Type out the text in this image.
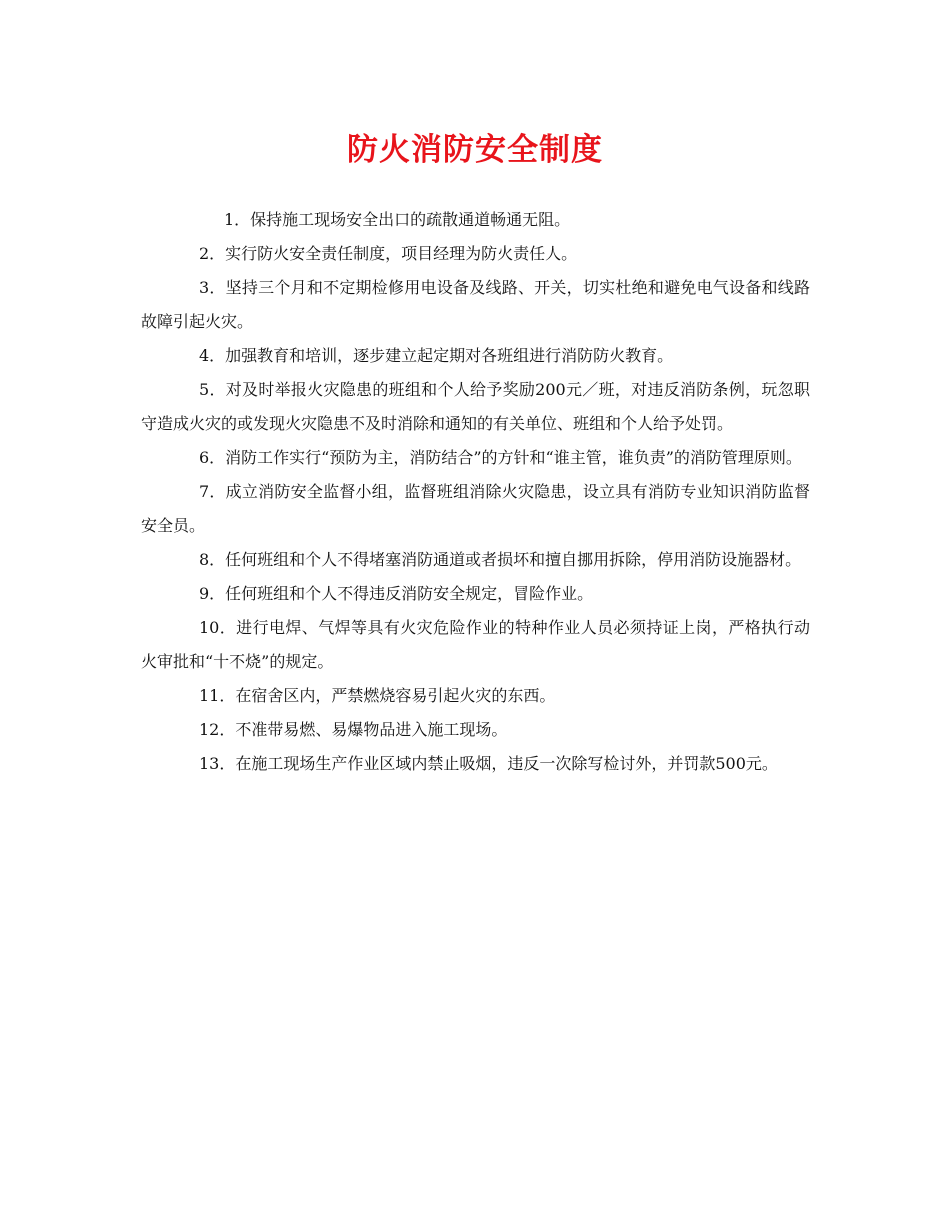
防火消防安全制度

1．保持施工现场安全出口的疏散通道畅通无阻。

2．实行防火安全责任制度，项目经理为防火责任人。

3．坚持三个月和不定期检修用电设备及线路、开关，切实杜绝和避免电气设备和线路故障引起火灾。

4．加强教育和培训，逐步建立起定期对各班组进行消防防火教育。

5．对及时举报火灾隐患的班组和个人给予奖励200元／班，对违反消防条例，玩忽职守造成火灾的或发现火灾隐患不及时消除和通知的有关单位、班组和个人给予处罚。

6．消防工作实行“预防为主，消防结合”的方针和“谁主管，谁负责”的消防管理原则。

7．成立消防安全监督小组，监督班组消除火灾隐患，设立具有消防专业知识消防监督安全员。

8．任何班组和个人不得堵塞消防通道或者损坏和擅自挪用拆除，停用消防设施器材。

9．任何班组和个人不得违反消防安全规定，冒险作业。

10．进行电焊、气焊等具有火灾危险作业的特种作业人员必须持证上岗，严格执行动火审批和“十不烧”的规定。

11．在宿舍区内，严禁燃烧容易引起火灾的东西。

12．不准带易燃、易爆物品进入施工现场。

13．在施工现场生产作业区域内禁止吸烟，违反一次除写检讨外，并罚款500元。
